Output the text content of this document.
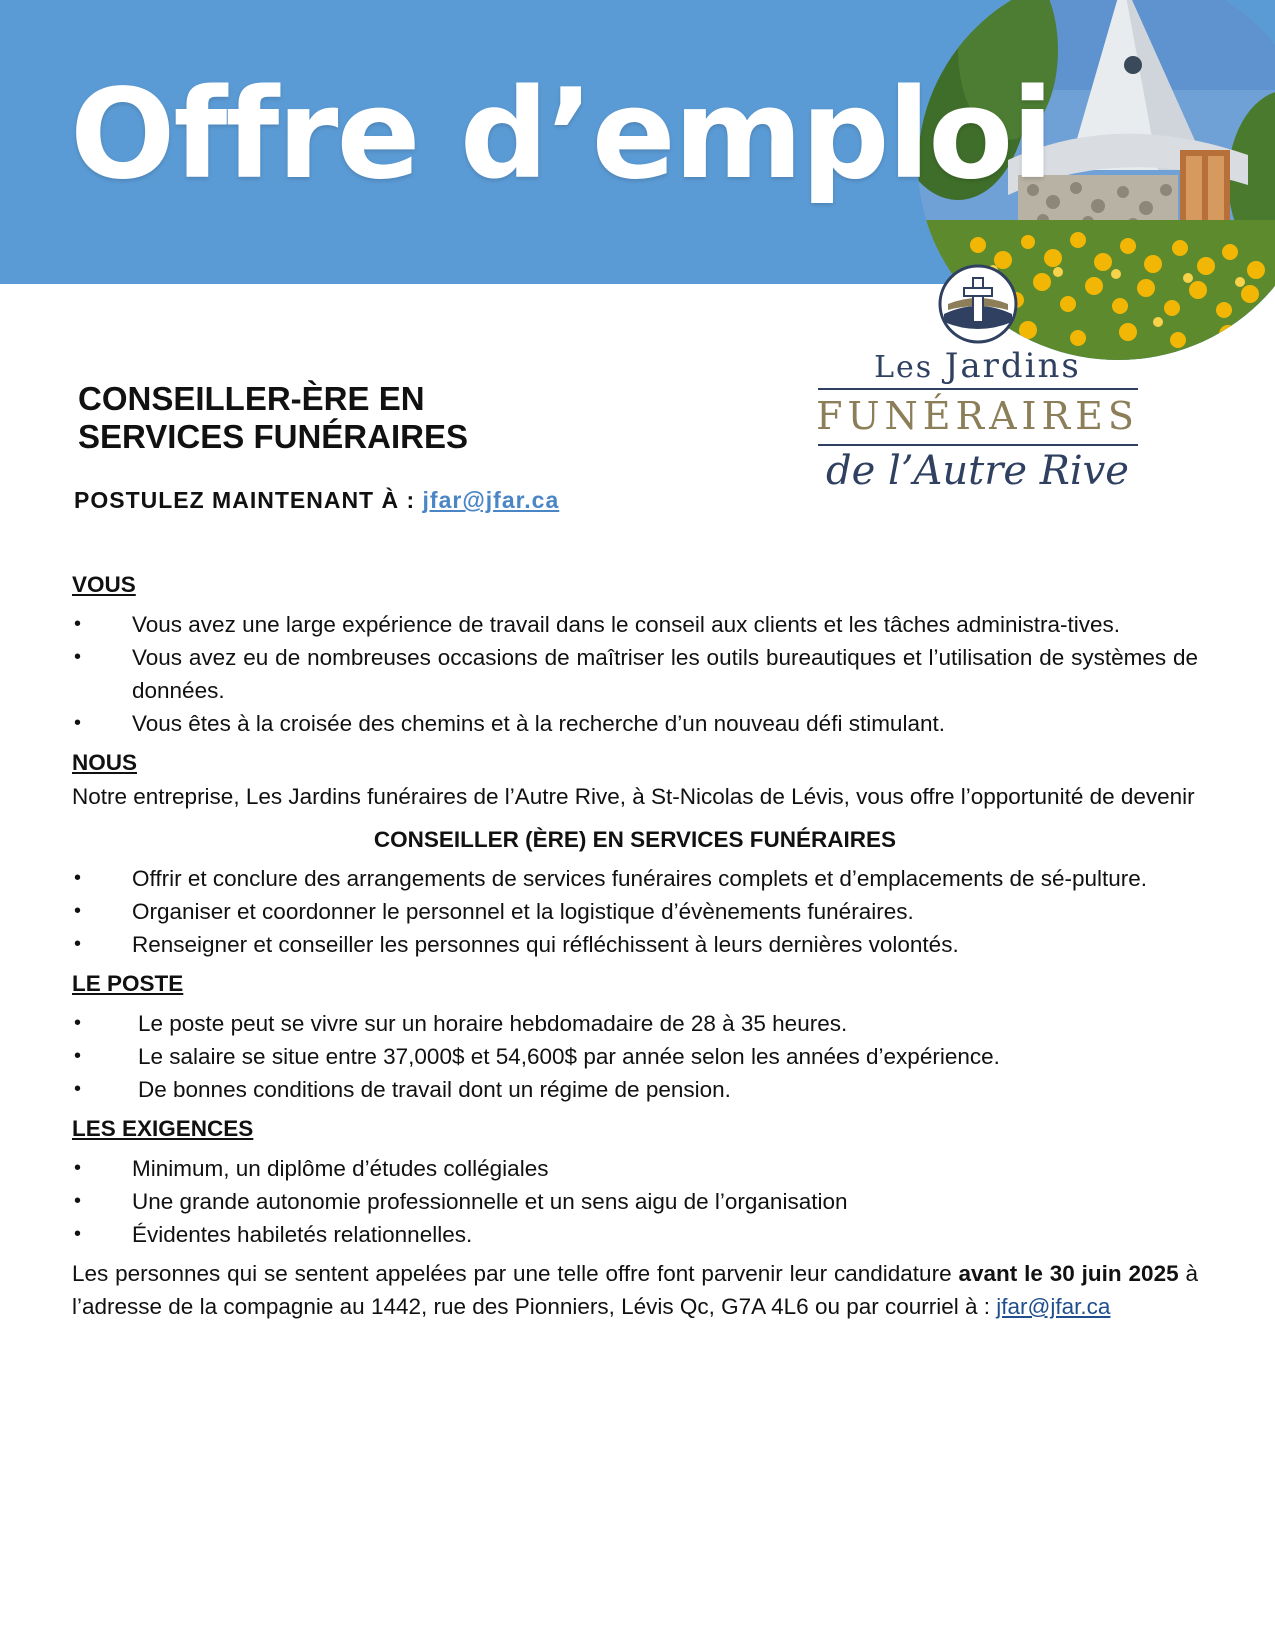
Offre d’emploi
Les Jardins
FUNÉRAIRES
de l’Autre Rive
CONSEILLER-ÈRE EN
SERVICES FUNÉRAIRES

POSTULEZ MAINTENANT À : jfar@jfar.ca

VOUS
• Vous avez une large expérience de travail dans le conseil aux clients et les tâches administra-tives.
• Vous avez eu de nombreuses occasions de maîtriser les outils bureautiques et l’utilisation de systèmes de données.
• Vous êtes à la croisée des chemins et à la recherche d’un nouveau défi stimulant.
NOUS

Notre entreprise, Les Jardins funéraires de l’Autre Rive, à St-Nicolas de Lévis, vous offre l’opportunité de devenir

CONSEILLER (ÈRE) EN SERVICES FUNÉRAIRES
• Offrir et conclure des arrangements de services funéraires complets et d’emplacements de sé-pulture.
• Organiser et coordonner le personnel et la logistique d’évènements funéraires.
• Renseigner et conseiller les personnes qui réfléchissent à leurs dernières volontés.
LE POSTE
• Le poste peut se vivre sur un horaire hebdomadaire de 28 à 35 heures.
• Le salaire se situe entre 37,000$ et 54,600$ par année selon les années d’expérience.
• De bonnes conditions de travail dont un régime de pension.
LES EXIGENCES
• Minimum, un diplôme d’études collégiales
• Une grande autonomie professionnelle et un sens aigu de l’organisation
• Évidentes habiletés relationnelles.

Les personnes qui se sentent appelées par une telle offre font parvenir leur candidature avant le 30 juin 2025 à l’adresse de la compagnie au 1442, rue des Pionniers, Lévis Qc, G7A 4L6 ou par courriel à : jfar@jfar.ca
